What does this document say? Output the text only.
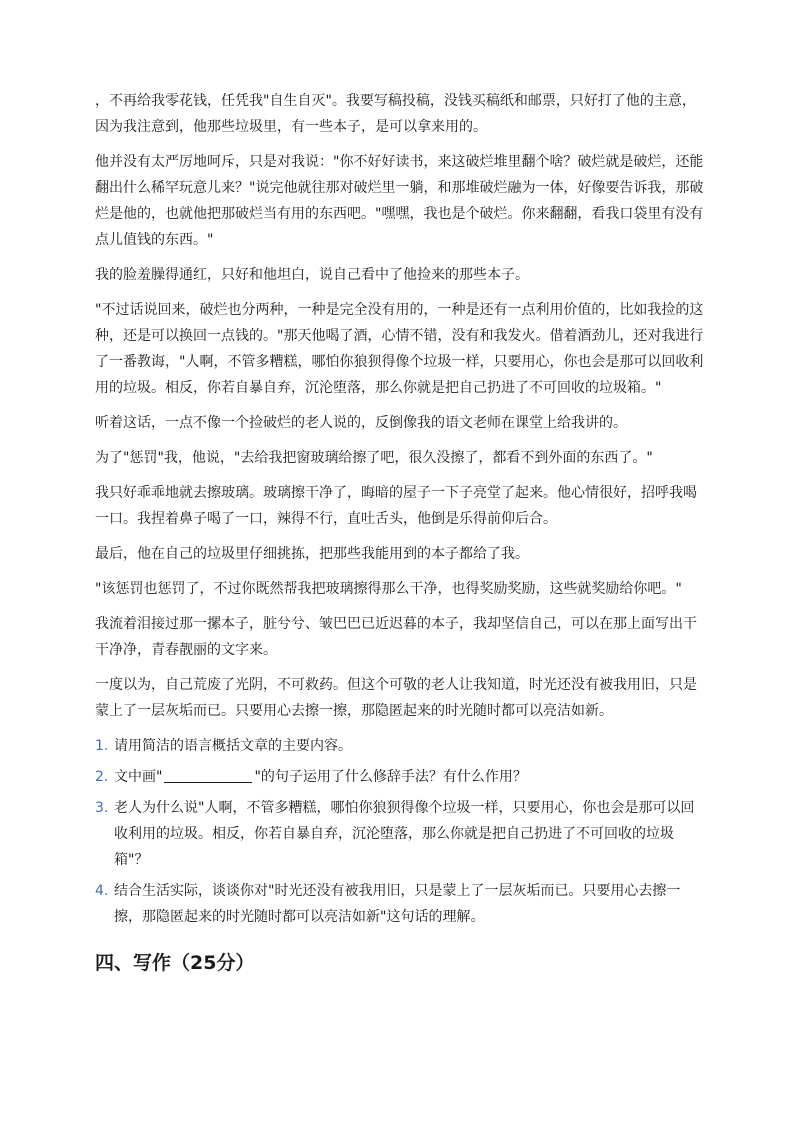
，不再给我零花钱，任凭我"自生自灭"。我要写稿投稿，没钱买稿纸和邮票，只好打了他的主意，因为我注意到，他那些垃圾里，有一些本子，是可以拿来用的。

他并没有太严厉地呵斥，只是对我说："你不好好读书，来这破烂堆里翻个啥？破烂就是破烂，还能翻出什么稀罕玩意儿来？"说完他就往那对破烂里一躺，和那堆破烂融为一体，好像要告诉我，那破烂是他的，也就他把那破烂当有用的东西吧。"嘿嘿，我也是个破烂。你来翻翻，看我口袋里有没有点儿值钱的东西。"

我的脸羞臊得通红，只好和他坦白，说自己看中了他捡来的那些本子。

"不过话说回来，破烂也分两种，一种是完全没有用的，一种是还有一点利用价值的，比如我捡的这种，还是可以换回一点钱的。"那天他喝了酒，心情不错，没有和我发火。借着酒劲儿，还对我进行了一番教诲，"人啊，不管多糟糕，哪怕你狼狈得像个垃圾一样，只要用心，你也会是那可以回收利用的垃圾。相反，你若自暴自弃，沉沦堕落，那么你就是把自己扔进了不可回收的垃圾箱。"

听着这话，一点不像一个捡破烂的老人说的，反倒像我的语文老师在课堂上给我讲的。

为了"惩罚"我，他说，"去给我把窗玻璃给擦了吧，很久没擦了，都看不到外面的东西了。"

我只好乖乖地就去擦玻璃。玻璃擦干净了，晦暗的屋子一下子亮堂了起来。他心情很好，招呼我喝一口。我捏着鼻子喝了一口，辣得不行，直吐舌头，他倒是乐得前仰后合。

最后，他在自己的垃圾里仔细挑拣，把那些我能用到的本子都给了我。

"该惩罚也惩罚了，不过你既然帮我把玻璃擦得那么干净，也得奖励奖励，这些就奖励给你吧。"

我流着泪接过那一摞本子，脏兮兮、皱巴巴已近迟暮的本子，我却坚信自己，可以在那上面写出干干净净，青春靓丽的文字来。

一度以为，自己荒废了光阴，不可救药。但这个可敬的老人让我知道，时光还没有被我用旧，只是蒙上了一层灰垢而已。只要用心去擦一擦，那隐匿起来的时光随时都可以亮洁如新。

1. 请用简洁的语言概括文章的主要内容。
2. 文中画"	"的句子运用了什么修辞手法？有什么作用？
3. 老人为什么说"人啊，不管多糟糕，哪怕你狼狈得像个垃圾一样，只要用心，你也会是那可以回收利用的垃圾。相反，你若自暴自弃，沉沦堕落，那么你就是把自己扔进了不可回收的垃圾箱"？
4. 结合生活实际，谈谈你对"时光还没有被我用旧，只是蒙上了一层灰垢而已。只要用心去擦一擦，那隐匿起来的时光随时都可以亮洁如新"这句话的理解。
四、写作（25分）
